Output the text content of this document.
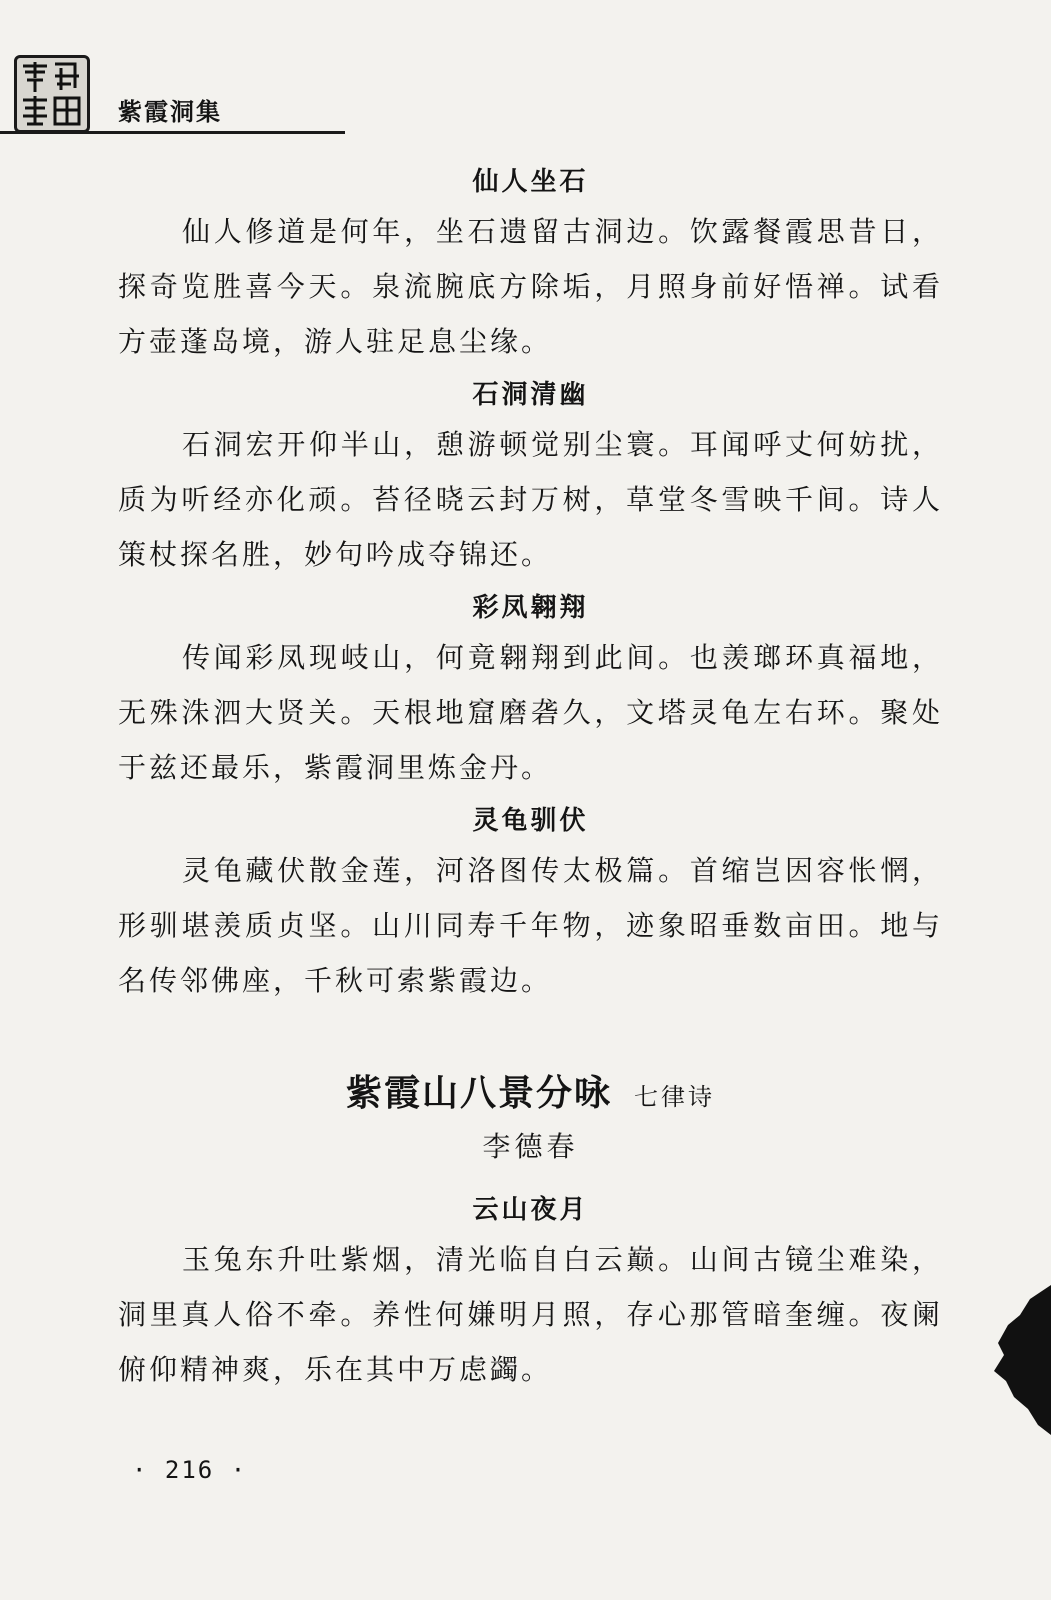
紫霞洞集
仙人坐石

仙人修道是何年，坐石遗留古洞边。饮露餐霞思昔日，探奇览胜喜今天。泉流腕底方除垢，月照身前好悟禅。试看方壶蓬岛境，游人驻足息尘缘。

石洞清幽

石洞宏开仰半山，憩游顿觉别尘寰。耳闻呼丈何妨扰，质为听经亦化顽。苔径晓云封万树，草堂冬雪映千间。诗人策杖探名胜，妙句吟成夺锦还。

彩凤翱翔

传闻彩凤现岐山，何竟翱翔到此间。也羡瑯环真福地，无殊洙泗大贤关。天根地窟磨砻久，文塔灵龟左右环。聚处于兹还最乐，紫霞洞里炼金丹。

灵龟驯伏

灵龟藏伏散金莲，河洛图传太极篇。首缩岂因容怅惘，形驯堪羡质贞坚。山川同寿千年物，迹象昭垂数亩田。地与名传邻佛座，千秋可索紫霞边。

紫霞山八景分咏 七律诗
李德春
云山夜月

玉兔东升吐紫烟，清光临自白云巅。山间古镜尘难染，洞里真人俗不牵。养性何嫌明月照，存心那管暗奎缠。夜阑俯仰精神爽，乐在其中万虑蠲。

· 216 ·
